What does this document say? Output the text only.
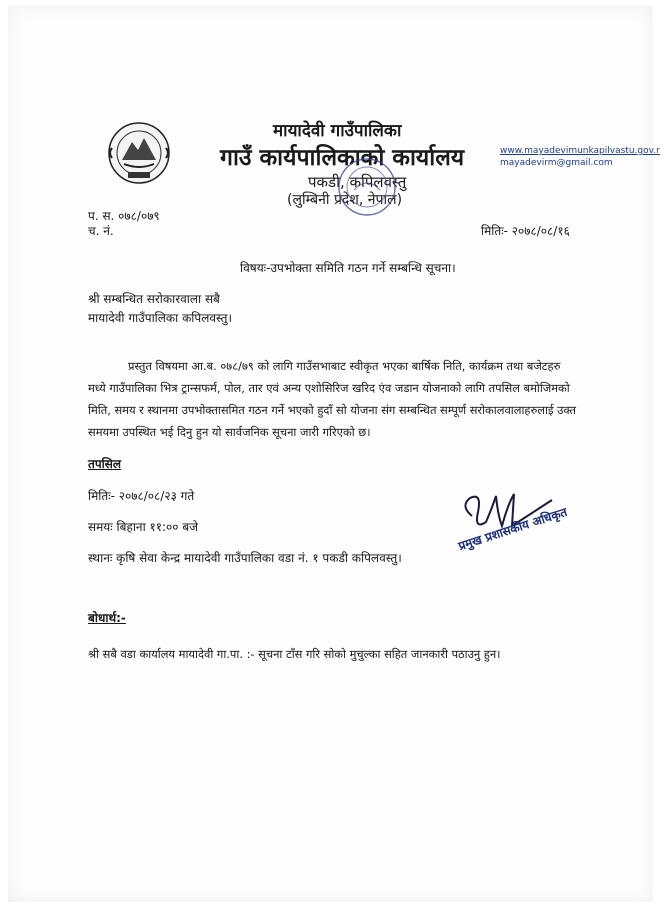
मायादेवी गाउँपालिका
गाउँ कार्यपालिकाको कार्यालय
पकडी, कपिलवस्तु
(लुम्बिनी प्रदेश, नेपाल)
www.mayadevimunkapilvastu.gov.r
mayadevirm@gmail.com
प. स. ०७८/०७९
च. नं.	मितिः- २०७८/०८/१६
विषयः-उपभोक्ता समिति गठन गर्ने सम्बन्धि सूचना।
श्री सम्बन्धित सरोकारवाला सबै
मायादेवी गाउँपालिका कपिलवस्तु।
प्रस्तुत विषयमा आ.ब. ०७८/७९ को लागि गाउँसभाबाट स्वीकृत भएका बार्षिक निति, कार्यक्रम तथा बजेटहरु
मध्ये गाउँपालिका भित्र ट्रान्सफर्म, पोल, तार एवं अन्य एशोसिरिज खरिद एंव जडान योजनाको लागि तपसिल बमोजिमको
मिति, समय र स्थानमा उपभोक्तासमित गठन गर्ने भएको हुदाँ सो योजना संग सम्बन्धित सम्पूर्ण सरोकालवालाहरुलाई उक्त
समयमा उपस्थित भई दिनु हुन यो सार्वजनिक सूचना जारी गरिएको छ।
तपसिल
मितिः- २०७८/०८/२३ गते
समयः बिहाना ११:०० बजे
स्थानः कृषि सेवा केन्द्र मायादेवी गाउँपालिका वडा नं. १ पकडी कपिलवस्तु।
प्रमुख प्रशासकीय अधिकृत
बोधार्थ:-
श्री सबै वडा कार्यालय मायादेवी गा.पा. :- सूचना टाँस गरि सोको मुचुल्का सहित जानकारी पठाउनु हुन।
